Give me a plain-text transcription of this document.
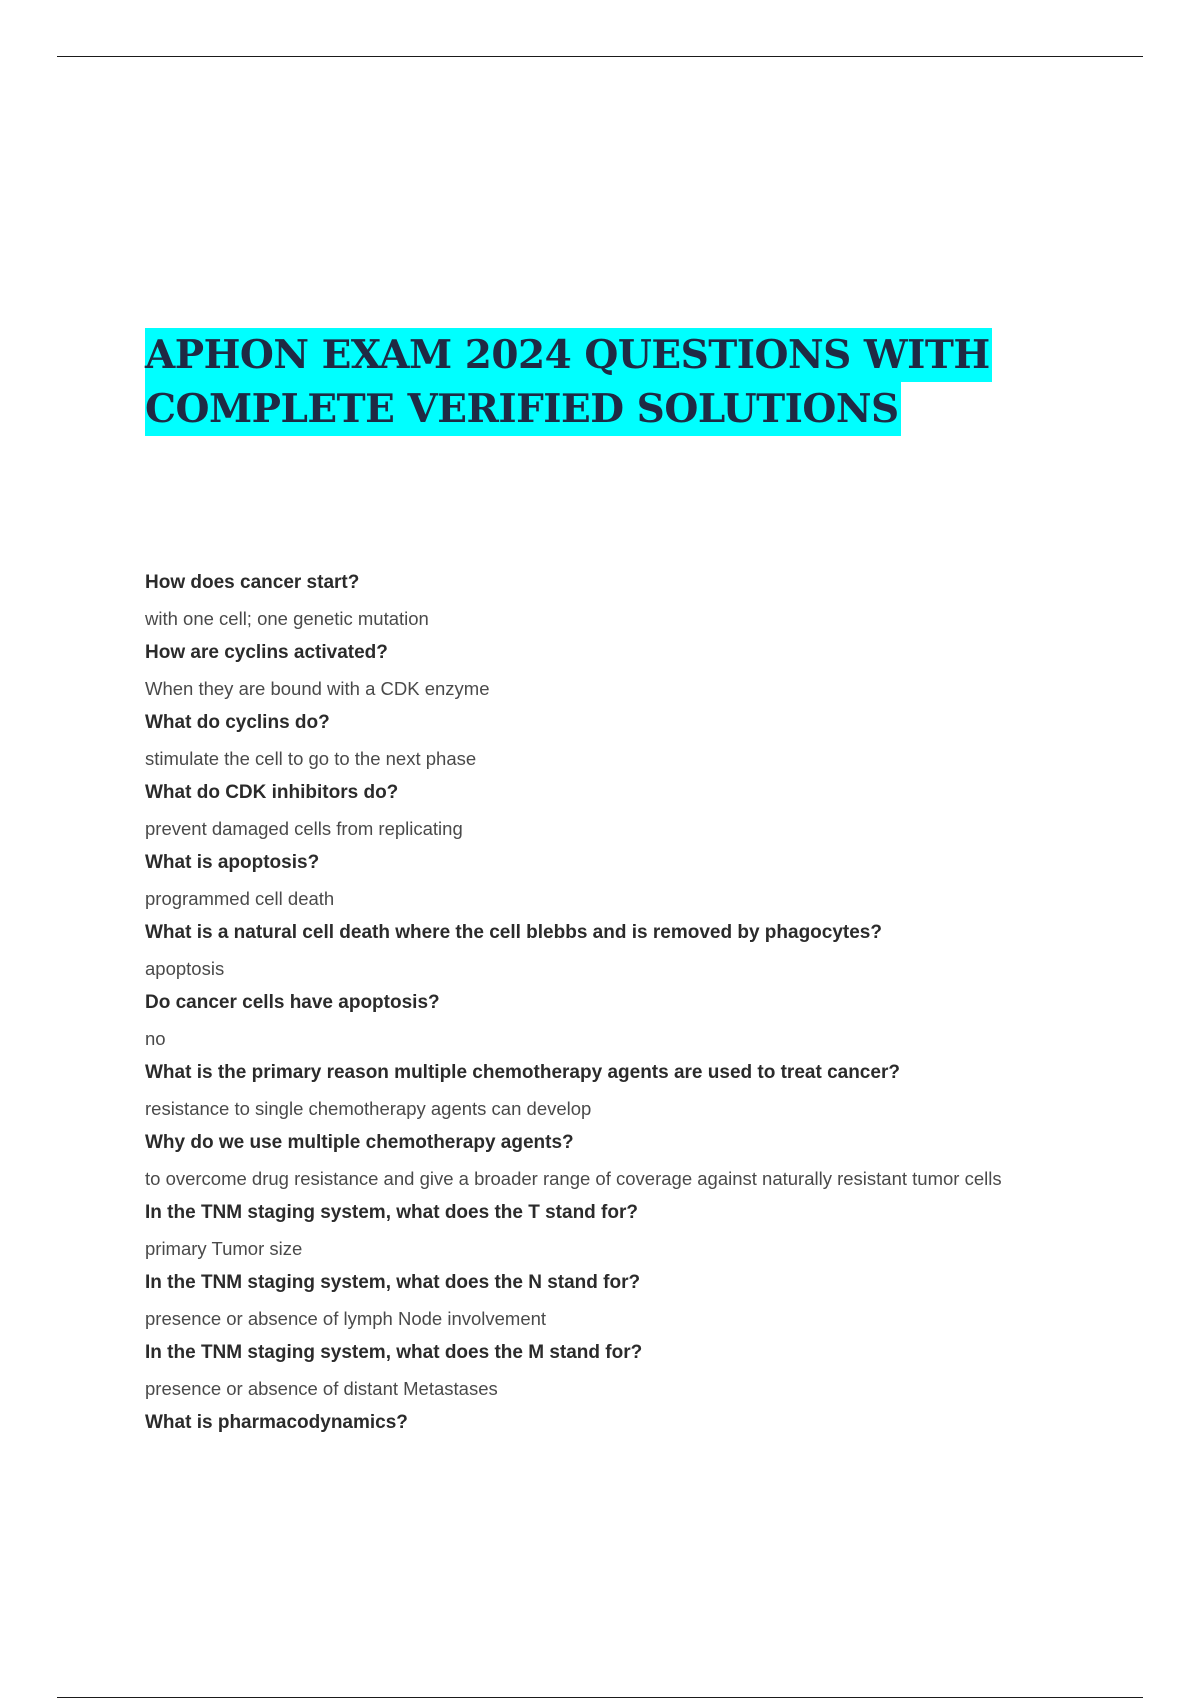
APHON EXAM 2024 QUESTIONS WITH
COMPLETE VERIFIED SOLUTIONS
How does cancer start?
with one cell; one genetic mutation
How are cyclins activated?
When they are bound with a CDK enzyme
What do cyclins do?
stimulate the cell to go to the next phase
What do CDK inhibitors do?
prevent damaged cells from replicating
What is apoptosis?
programmed cell death
What is a natural cell death where the cell blebbs and is removed by phagocytes?
apoptosis
Do cancer cells have apoptosis?
no
What is the primary reason multiple chemotherapy agents are used to treat cancer?
resistance to single chemotherapy agents can develop
Why do we use multiple chemotherapy agents?
to overcome drug resistance and give a broader range of coverage against naturally resistant tumor cells
In the TNM staging system, what does the T stand for?
primary Tumor size
In the TNM staging system, what does the N stand for?
presence or absence of lymph Node involvement
In the TNM staging system, what does the M stand for?
presence or absence of distant Metastases
What is pharmacodynamics?
